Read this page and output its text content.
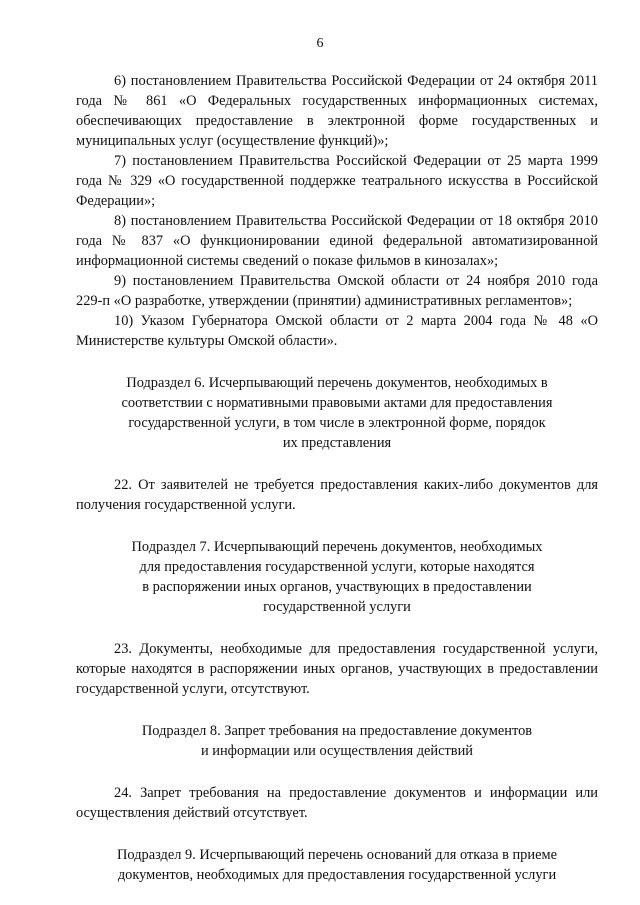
6

6) постановлением Правительства Российской Федерации от 24 октября 2011 года № 861 «О Федеральных государственных информационных системах, обеспечивающих предоставление в электронной форме государственных и муниципальных услуг (осуществление функций)»;

7) постановлением Правительства Российской Федерации от 25 марта 1999 года № 329 «О государственной поддержке театрального искусства в Российской Федерации»;

8) постановлением Правительства Российской Федерации от 18 октября 2010 года № 837 «О функционировании единой федеральной автоматизированной информационной системы сведений о показе фильмов в кинозалах»;

9) постановлением Правительства Омской области от 24 ноября 2010 года 229-п «О разработке, утверждении (принятии) административных регламентов»;

10) Указом Губернатора Омской области от 2 марта 2004 года № 48 «О Министерстве культуры Омской области».

Подраздел 6. Исчерпывающий перечень документов, необходимых в
соответствии с нормативными правовыми актами для предоставления
государственной услуги, в том числе в электронной форме, порядок
их представления

22. От заявителей не требуется предоставления каких-либо документов для получения государственной услуги.

Подраздел 7. Исчерпывающий перечень документов, необходимых
для предоставления государственной услуги, которые находятся
в распоряжении иных органов, участвующих в предоставлении
государственной услуги

23. Документы, необходимые для предоставления государственной услуги, которые находятся в распоряжении иных органов, участвующих в предоставлении государственной услуги, отсутствуют.

Подраздел 8. Запрет требования на предоставление документов
и информации или осуществления действий

24. Запрет требования на предоставление документов и информации или осуществления действий отсутствует.

Подраздел 9. Исчерпывающий перечень оснований для отказа в приеме
документов, необходимых для предоставления государственной услуги
